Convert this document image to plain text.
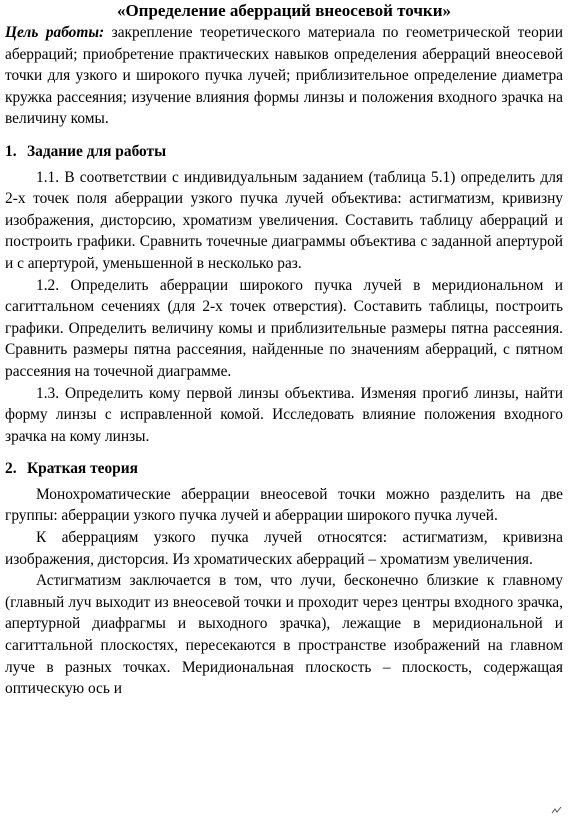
«Определение аберраций внеосевой точки»

Цель работы: закрепление теоретического материала по геометрической теории аберраций; приобретение практических навыков определения аберраций внеосевой точки для узкого и широкого пучка лучей; приблизительное определение диаметра кружка рассеяния; изучение влияния формы линзы и положения входного зрачка на величину комы.

1. Задание для работы

1.1. В соответствии с индивидуальным заданием (таблица 5.1) определить для 2-х точек поля аберрации узкого пучка лучей объектива: астигматизм, кривизну изображения, дисторсию, хроматизм увеличения. Составить таблицу аберраций и построить графики. Сравнить точечные диаграммы объектива с заданной апертурой и с апертурой, уменьшенной в несколько раз.

1.2. Определить аберрации широкого пучка лучей в меридиональном и сагиттальном сечениях (для 2-х точек отверстия). Составить таблицы, построить графики. Определить величину комы и приблизительные размеры пятна рассеяния. Сравнить размеры пятна рассеяния, найденные по значениям аберраций, с пятном рассеяния на точечной диаграмме.

1.3. Определить кому первой линзы объектива. Изменяя прогиб линзы, найти форму линзы с исправленной комой. Исследовать влияние положения входного зрачка на кому линзы.

2. Краткая теория

Монохроматические аберрации внеосевой точки можно разделить на две группы: аберрации узкого пучка лучей и аберрации широкого пучка лучей.

К аберрациям узкого пучка лучей относятся: астигматизм, кривизна изображения, дисторсия. Из хроматических аберраций – хроматизм увеличения.

Астигматизм заключается в том, что лучи, бесконечно близкие к главному (главный луч выходит из внеосевой точки и проходит через центры входного зрачка, апертурной диафрагмы и выходного зрачка), лежащие в меридиональной и сагиттальной плоскостях, пересекаются в пространстве изображений на главном луче в разных точках. Меридиональная плоскость – плоскость, содержащая оптическую ось и
